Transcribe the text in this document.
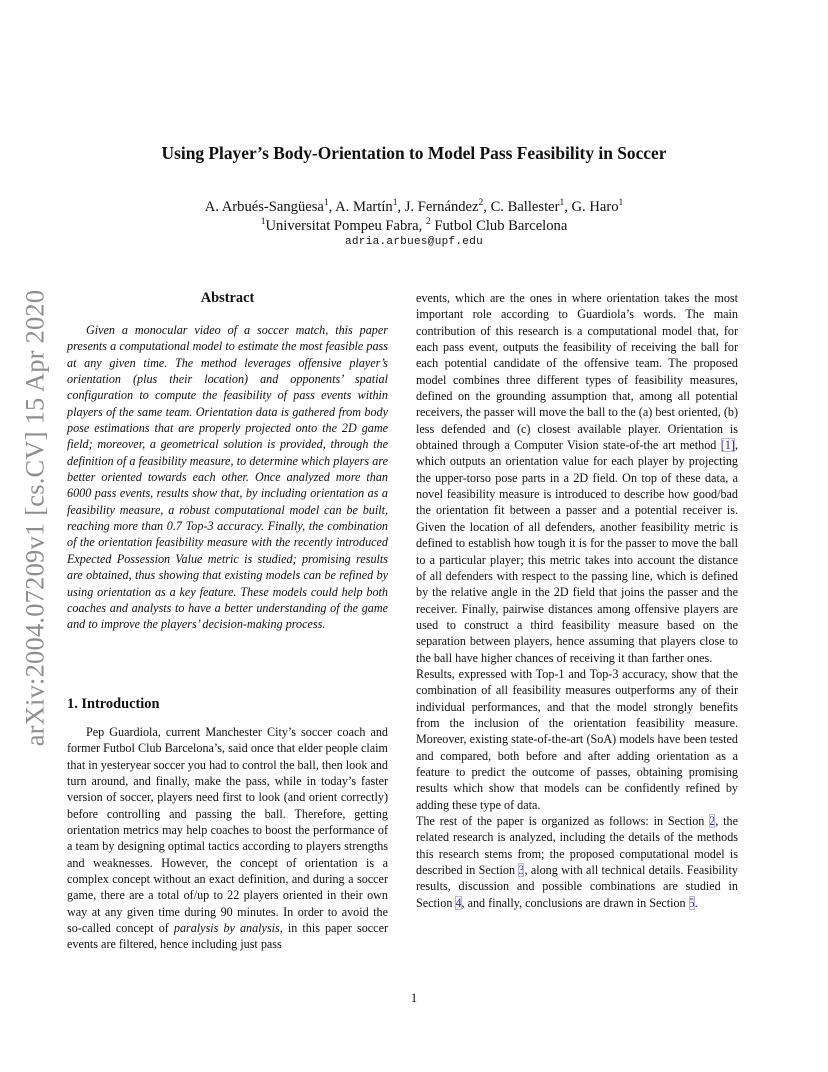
arXiv:2004.07209v1 [cs.CV] 15 Apr 2020
Using Player’s Body-Orientation to Model Pass Feasibility in Soccer
A. Arbués-Sangüesa$^1$, A. Martín$^1$, J. Fernández$^2$, C. Ballester$^1$, G. Haro$^1$
$^1$Universitat Pompeu Fabra, $^2$ Futbol Club Barcelona
adria.arbues@upf.edu
Abstract
Given a monocular video of a soccer match, this paper presents a computational model to estimate the most feasible pass at any given time. The method leverages offensive player’s orientation (plus their location) and opponents’ spatial configuration to compute the feasibility of pass events within players of the same team. Orientation data is gathered from body pose estimations that are properly projected onto the 2D game field; moreover, a geometrical solution is provided, through the definition of a feasibility measure, to determine which players are better oriented towards each other. Once analyzed more than 6000 pass events, results show that, by including orientation as a feasibility measure, a robust computational model can be built, reaching more than 0.7 Top-3 accuracy. Finally, the combination of the orientation feasibility measure with the recently introduced Expected Possession Value metric is studied; promising results are obtained, thus showing that existing models can be refined by using orientation as a key feature. These models could help both coaches and analysts to have a better understanding of the game and to improve the players’ decision-making process.
1. Introduction
Pep Guardiola, current Manchester City’s soccer coach and former Futbol Club Barcelona’s, said once that elder people claim that in yesteryear soccer you had to control the ball, then look and turn around, and finally, make the pass, while in today’s faster version of soccer, players need first to look (and orient correctly) before controlling and passing the ball. Therefore, getting orientation metrics may help coaches to boost the performance of a team by designing optimal tactics according to players strengths and weaknesses. However, the concept of orientation is a complex concept without an exact definition, and during a soccer game, there are a total of/up to 22 players oriented in their own way at any given time during 90 minutes. In order to avoid the so-called concept of paralysis by analysis, in this paper soccer events are filtered, hence including just pass

events, which are the ones in where orientation takes the most important role according to Guardiola’s words. The main contribution of this research is a computational model that, for each pass event, outputs the feasibility of receiving the ball for each potential candidate of the offensive team. The proposed model combines three different types of feasibility measures, defined on the grounding assumption that, among all potential receivers, the passer will move the ball to the (a) best oriented, (b) less defended and (c) closest available player. Orientation is obtained through a Computer Vision state-of-the art method [1], which outputs an orientation value for each player by projecting the upper-torso pose parts in a 2D field. On top of these data, a novel feasibility measure is introduced to describe how good/bad the orientation fit between a passer and a potential receiver is. Given the location of all defenders, another feasibility metric is defined to establish how tough it is for the passer to move the ball to a particular player; this metric takes into account the distance of all defenders with respect to the passing line, which is defined by the relative angle in the 2D field that joins the passer and the receiver. Finally, pairwise distances among offensive players are used to construct a third feasibility measure based on the separation between players, hence assuming that players close to the ball have higher chances of receiving it than farther ones.

Results, expressed with Top-1 and Top-3 accuracy, show that the combination of all feasibility measures outperforms any of their individual performances, and that the model strongly benefits from the inclusion of the orientation feasibility measure. Moreover, existing state-of-the-art (SoA) models have been tested and compared, both before and after adding orientation as a feature to predict the outcome of passes, obtaining promising results which show that models can be confidently refined by adding these type of data.

The rest of the paper is organized as follows: in Section 2, the related research is analyzed, including the details of the methods this research stems from; the proposed computational model is described in Section 3, along with all technical details. Feasibility results, discussion and possible combinations are studied in Section 4, and finally, conclusions are drawn in Section 5.

1
